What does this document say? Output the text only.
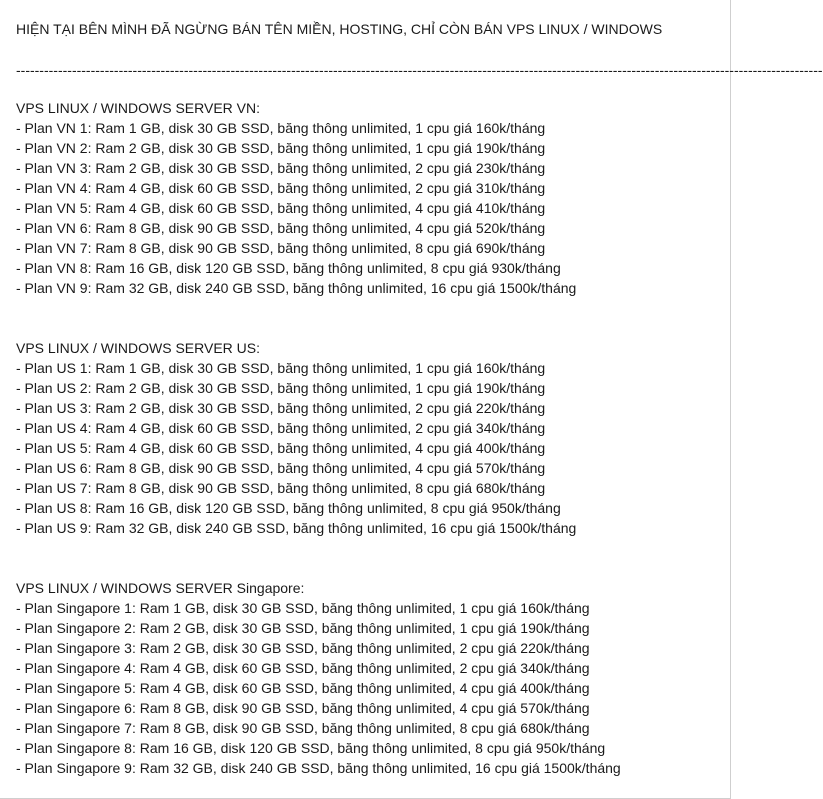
HIỆN TẠI BÊN MÌNH ĐÃ NGỪNG BÁN TÊN MIỀN, HOSTING, CHỈ CÒN BÁN VPS LINUX / WINDOWS
-----------------------------------------------------------------------------------------------------------------------------------------------------------------------------
VPS LINUX / WINDOWS SERVER VN:
- Plan VN 1: Ram 1 GB, disk 30 GB SSD, băng thông unlimited, 1 cpu giá 160k/tháng
- Plan VN 2: Ram 2 GB, disk 30 GB SSD, băng thông unlimited, 1 cpu giá 190k/tháng
- Plan VN 3: Ram 2 GB, disk 30 GB SSD, băng thông unlimited, 2 cpu giá 230k/tháng
- Plan VN 4: Ram 4 GB, disk 60 GB SSD, băng thông unlimited, 2 cpu giá 310k/tháng
- Plan VN 5: Ram 4 GB, disk 60 GB SSD, băng thông unlimited, 4 cpu giá 410k/tháng
- Plan VN 6: Ram 8 GB, disk 90 GB SSD, băng thông unlimited, 4 cpu giá 520k/tháng
- Plan VN 7: Ram 8 GB, disk 90 GB SSD, băng thông unlimited, 8 cpu giá 690k/tháng
- Plan VN 8: Ram 16 GB, disk 120 GB SSD, băng thông unlimited, 8 cpu giá 930k/tháng
- Plan VN 9: Ram 32 GB, disk 240 GB SSD, băng thông unlimited, 16 cpu giá 1500k/tháng
VPS LINUX / WINDOWS SERVER US:
- Plan US 1: Ram 1 GB, disk 30 GB SSD, băng thông unlimited, 1 cpu giá 160k/tháng
- Plan US 2: Ram 2 GB, disk 30 GB SSD, băng thông unlimited, 1 cpu giá 190k/tháng
- Plan US 3: Ram 2 GB, disk 30 GB SSD, băng thông unlimited, 2 cpu giá 220k/tháng
- Plan US 4: Ram 4 GB, disk 60 GB SSD, băng thông unlimited, 2 cpu giá 340k/tháng
- Plan US 5: Ram 4 GB, disk 60 GB SSD, băng thông unlimited, 4 cpu giá 400k/tháng
- Plan US 6: Ram 8 GB, disk 90 GB SSD, băng thông unlimited, 4 cpu giá 570k/tháng
- Plan US 7: Ram 8 GB, disk 90 GB SSD, băng thông unlimited, 8 cpu giá 680k/tháng
- Plan US 8: Ram 16 GB, disk 120 GB SSD, băng thông unlimited, 8 cpu giá 950k/tháng
- Plan US 9: Ram 32 GB, disk 240 GB SSD, băng thông unlimited, 16 cpu giá 1500k/tháng
VPS LINUX / WINDOWS SERVER Singapore:
- Plan Singapore 1: Ram 1 GB, disk 30 GB SSD, băng thông unlimited, 1 cpu giá 160k/tháng
- Plan Singapore 2: Ram 2 GB, disk 30 GB SSD, băng thông unlimited, 1 cpu giá 190k/tháng
- Plan Singapore 3: Ram 2 GB, disk 30 GB SSD, băng thông unlimited, 2 cpu giá 220k/tháng
- Plan Singapore 4: Ram 4 GB, disk 60 GB SSD, băng thông unlimited, 2 cpu giá 340k/tháng
- Plan Singapore 5: Ram 4 GB, disk 60 GB SSD, băng thông unlimited, 4 cpu giá 400k/tháng
- Plan Singapore 6: Ram 8 GB, disk 90 GB SSD, băng thông unlimited, 4 cpu giá 570k/tháng
- Plan Singapore 7: Ram 8 GB, disk 90 GB SSD, băng thông unlimited, 8 cpu giá 680k/tháng
- Plan Singapore 8: Ram 16 GB, disk 120 GB SSD, băng thông unlimited, 8 cpu giá 950k/tháng
- Plan Singapore 9: Ram 32 GB, disk 240 GB SSD, băng thông unlimited, 16 cpu giá 1500k/tháng
